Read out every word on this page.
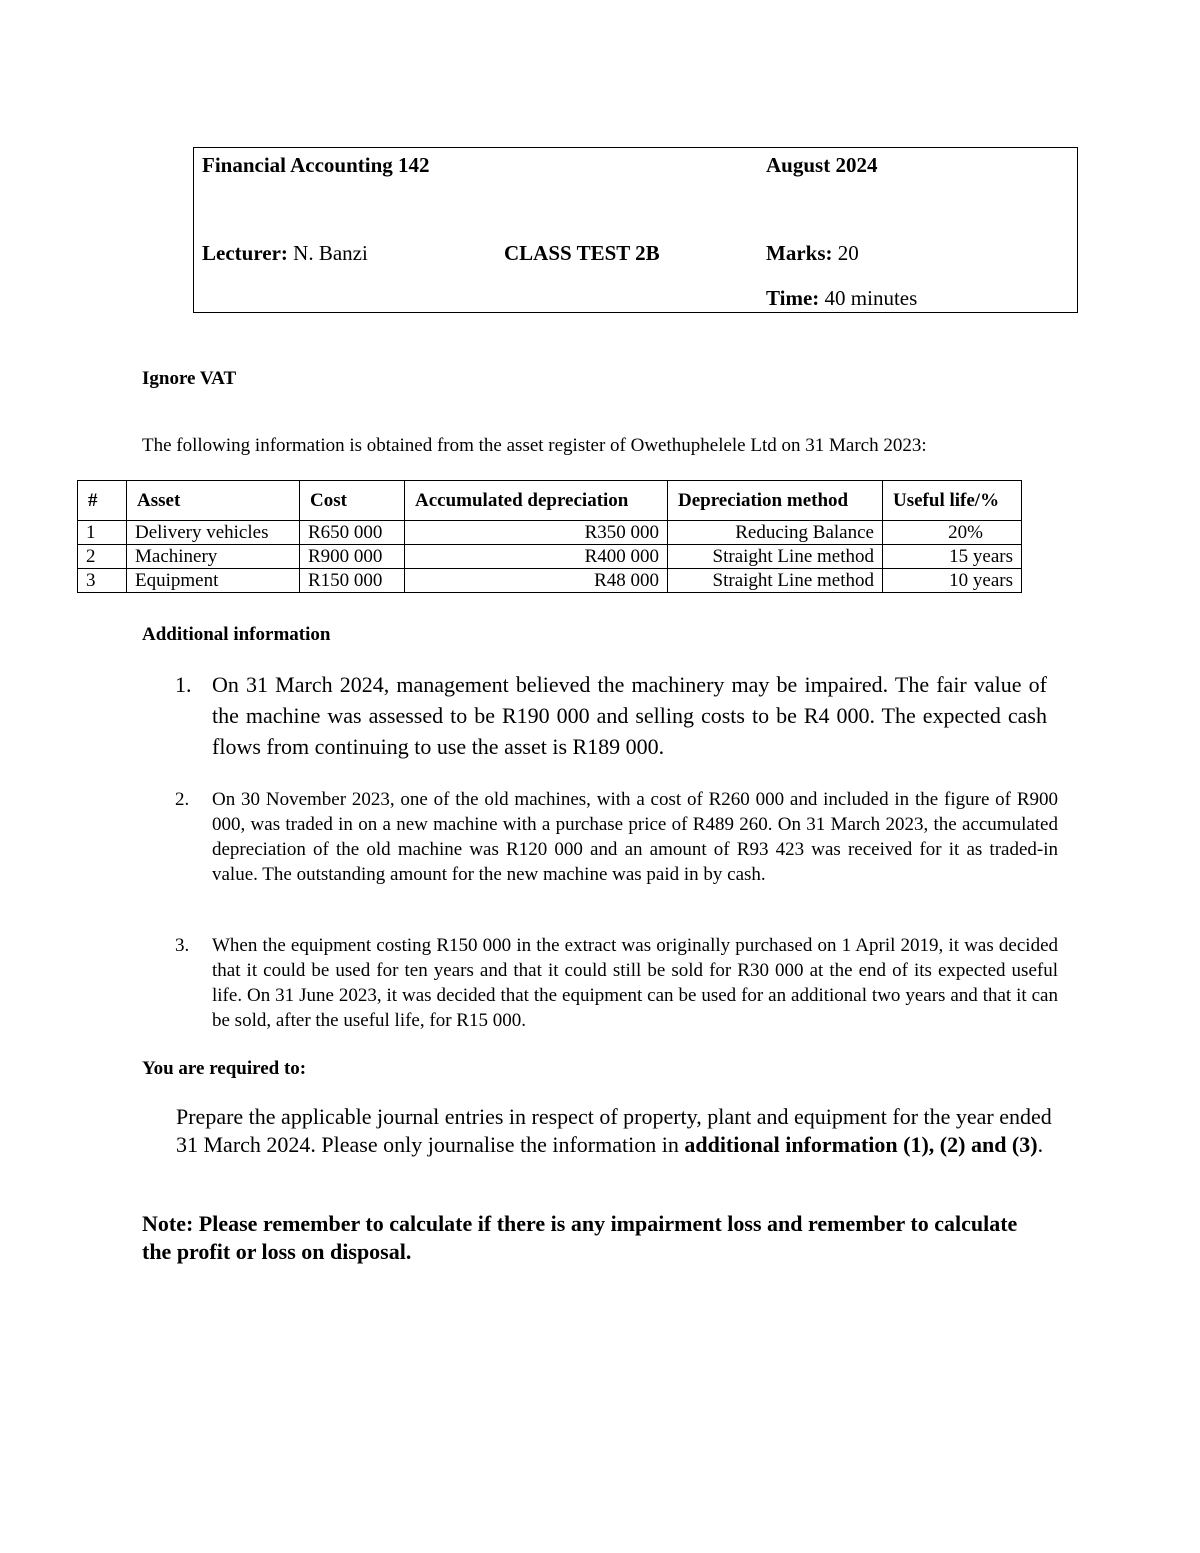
Financial Accounting 142	August 2024
Lecturer: N. Banzi	CLASS TEST 2B	Marks: 20
Time: 40 minutes
Ignore VAT
The following information is obtained from the asset register of Owethuphelele Ltd on 31 March 2023:
#	Asset	Cost	Accumulated depreciation	Depreciation method	Useful life/%
1	Delivery vehicles	R650 000	R350 000	Reducing Balance	20%
2	Machinery	R900 000	R400 000	Straight Line method	15 years
3	Equipment	R150 000	R48 000	Straight Line method	10 years
Additional information
1. On 31 March 2024, management believed the machinery may be impaired. The fair value of the machine was assessed to be R190 000 and selling costs to be R4 000. The expected cash flows from continuing to use the asset is R189 000.
2. On 30 November 2023, one of the old machines, with a cost of R260 000 and included in the figure of R900 000, was traded in on a new machine with a purchase price of R489 260. On 31 March 2023, the accumulated depreciation of the old machine was R120 000 and an amount of R93 423 was received for it as traded-in value. The outstanding amount for the new machine was paid in by cash.
3. When the equipment costing R150 000 in the extract was originally purchased on 1 April 2019, it was decided that it could be used for ten years and that it could still be sold for R30 000 at the end of its expected useful life. On 31 June 2023, it was decided that the equipment can be used for an additional two years and that it can be sold, after the useful life, for R15 000.
You are required to:
Prepare the applicable journal entries in respect of property, plant and equipment for the year ended 31 March 2024. Please only journalise the information in additional information (1), (2) and (3).
Note: Please remember to calculate if there is any impairment loss and remember to calculate the profit or loss on disposal.
